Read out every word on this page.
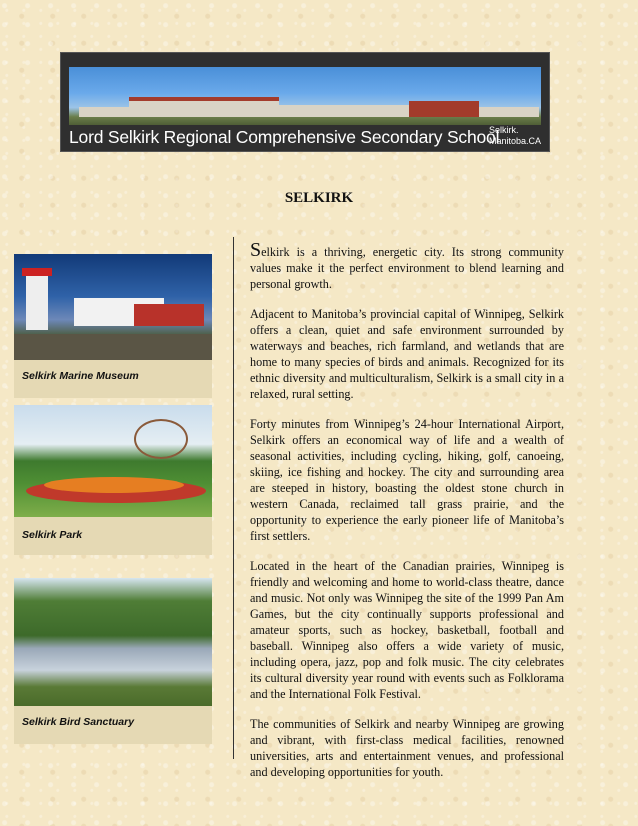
Lord Selkirk Regional Comprehensive Secondary School
Selkirk.
Manitoba.CA
SELKIRK
Selkirk Marine Museum
Selkirk Park
Selkirk Bird Sanctuary

Selkirk is a thriving, energetic city. Its strong community values make it the perfect environment to blend learning and personal growth.

Adjacent to Manitoba’s provincial capital of Winnipeg, Selkirk offers a clean, quiet and safe environment surrounded by waterways and beaches, rich farmland, and wetlands that are home to many species of birds and animals. Recognized for its ethnic diversity and multiculturalism, Selkirk is a small city in a relaxed, rural setting.

Forty minutes from Winnipeg’s 24-hour International Airport, Selkirk offers an economical way of life and a wealth of seasonal activities, including cycling, hiking, golf, canoeing, skiing, ice fishing and hockey. The city and surrounding area are steeped in history, boasting the oldest stone church in western Canada, reclaimed tall grass prairie, and the opportunity to experience the early pioneer life of Manitoba’s first settlers.

Located in the heart of the Canadian prairies, Winnipeg is friendly and welcoming and home to world-class theatre, dance and music. Not only was Winnipeg the site of the 1999 Pan Am Games, but the city continually supports professional and amateur sports, such as hockey, basketball, football and baseball. Winnipeg also offers a wide variety of music, including opera, jazz, pop and folk music. The city celebrates its cultural diversity year round with events such as Folklorama and the International Folk Festival.

The communities of Selkirk and nearby Winnipeg are growing and vibrant, with first-class medical facilities, renowned universities, arts and entertainment venues, and professional and developing opportunities for youth.
